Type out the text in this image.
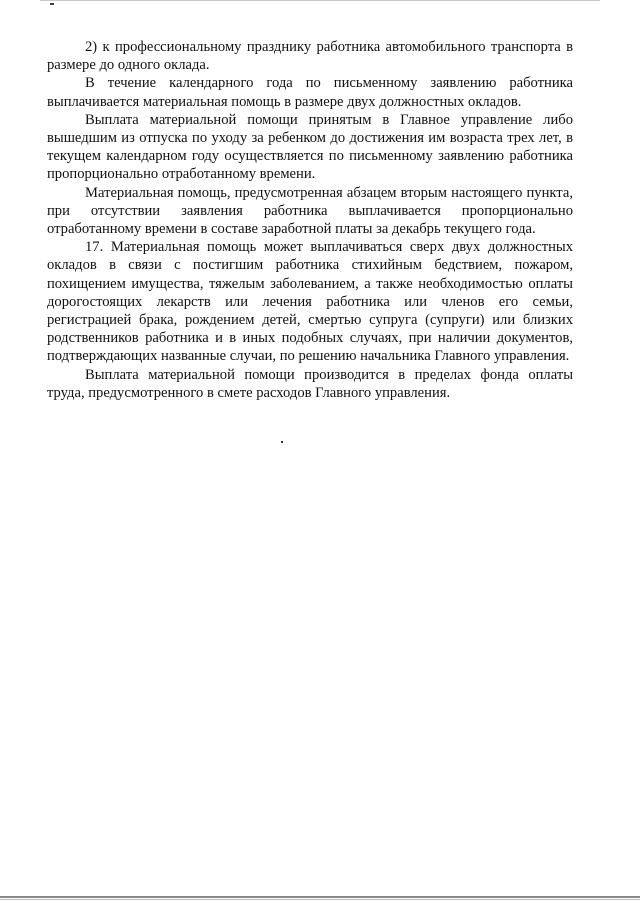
2) к профессиональному празднику работника автомобильного транспорта в размере до одного оклада.

В течение календарного года по письменному заявлению работника выплачивается материальная помощь в размере двух должностных окладов.

Выплата материальной помощи принятым в Главное управление либо вышедшим из отпуска по уходу за ребенком до достижения им возраста трех лет, в текущем календарном году осуществляется по письменному заявлению работника пропорционально отработанному времени.

Материальная помощь, предусмотренная абзацем вторым настоящего пункта, при отсутствии заявления работника выплачивается пропорционально отработанному времени в составе заработной платы за декабрь текущего года.

17. Материальная помощь может выплачиваться сверх двух должностных окладов в связи с постигшим работника стихийным бедствием, пожаром, похищением имущества, тяжелым заболеванием, а также необходимостью оплаты дорогостоящих лекарств или лечения работника или членов его семьи, регистрацией брака, рождением детей, смертью супруга (супруги) или близких родственников работника и в иных подобных случаях, при наличии документов, подтверждающих названные случаи, по решению начальника Главного управления.

Выплата материальной помощи производится в пределах фонда оплаты труда, предусмотренного в смете расходов Главного управления.
